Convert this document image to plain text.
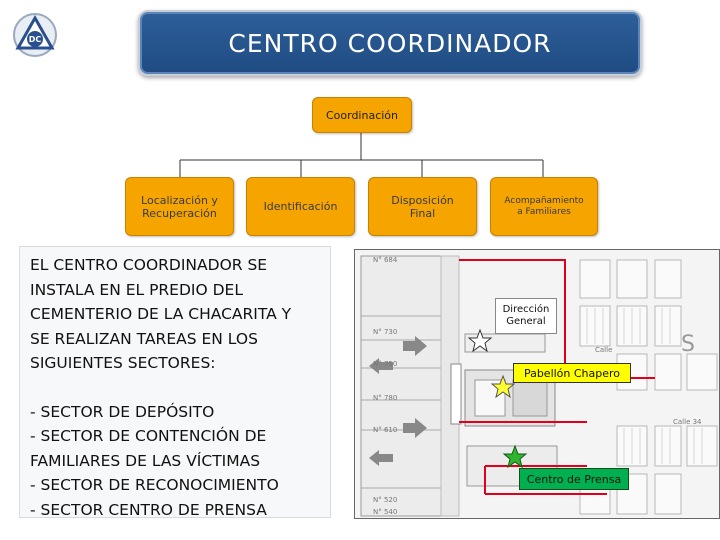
DC	CENTRO COORDINADOR
Coordinación
Localización y Recuperación	Identificación	Disposición Final
Acompañamiento a Familiares

EL CENTRO COORDINADOR SE

INSTALA EN EL PREDIO DEL

CEMENTERIO DE LA CHACARITA Y

SE REALIZAN TAREAS EN LOS

SIGUIENTES SECTORES:

- SECTOR DE DEPÓSITO

- SECTOR DE CONTENCIÓN DE

FAMILIARES DE LAS VÍCTIMAS

- SECTOR DE RECONOCIMIENTO

- SECTOR CENTRO DE PRENSA

N° 684
N° 730
N° 750
N° 780
N° 610
N° 520
N° 540
Calle 34
Calle	S
Dirección General
Pabellón Chapero
Centro de Prensa
